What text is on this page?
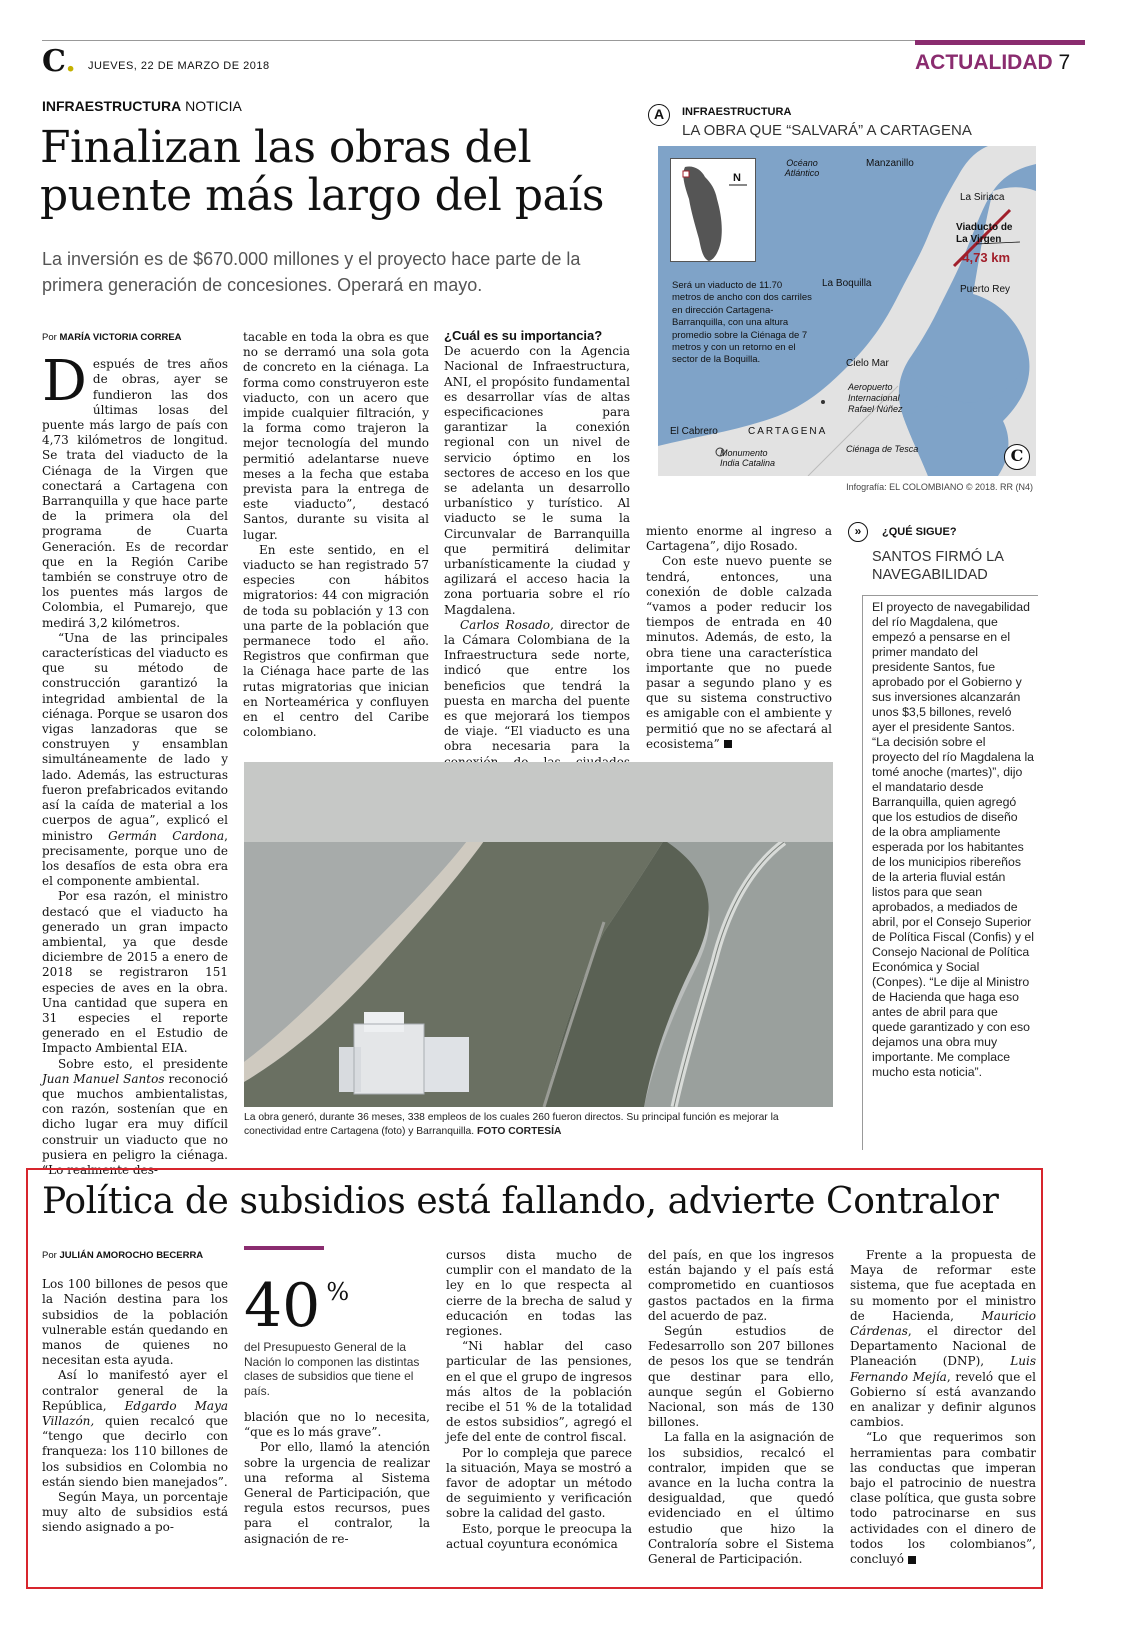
C. JUEVES, 22 DE MARZO DE 2018	ACTUALIDAD 7
INFRAESTRUCTURA NOTICIA
Finalizan las obras del puente más largo del país
La inversión es de $670.000 millones y el proyecto hace parte de la primera generación de concesiones. Operará en mayo.
Por MARÍA VICTORIA CORREA

Después de tres años de obras, ayer se fundieron las dos últimas losas del puente más largo de país con 4,73 kilómetros de longitud. Se trata del viaducto de la Ciénaga de la Virgen que conectará a Cartagena con Barranquilla y que hace parte de la primera ola del programa de Cuarta Generación. Es de recordar que en la Región Caribe también se construye otro de los puentes más largos de Colombia, el Pumarejo, que medirá 3,2 kilómetros.

“Una de las principales características del viaducto es que su método de construcción garantizó la integridad ambiental de la ciénaga. Porque se usaron dos vigas lanzadoras que se construyen y ensamblan simultáneamente de lado y lado. Además, las estructuras fueron prefabricados evitando así la caída de material a los cuerpos de agua”, explicó el ministro Germán Cardona, precisamente, porque uno de los desafíos de esta obra era el componente ambiental.

Por esa razón, el ministro destacó que el viaducto ha generado un gran impacto ambiental, ya que desde diciembre de 2015 a enero de 2018 se registraron 151 especies de aves en la obra. Una cantidad que supera en 31 especies el reporte generado en el Estudio de Impacto Ambiental EIA.

Sobre esto, el presidente Juan Manuel Santos reconoció que muchos ambientalistas, con razón, sostenían que en dicho lugar era muy difícil construir un viaducto que no pusiera en peligro la ciénaga. “Lo realmente des-

tacable en toda la obra es que no se derramó una sola gota de concreto en la ciénaga. La forma como construyeron este viaducto, con un acero que impide cualquier filtración, y la forma como trajeron la mejor tecnología del mundo permitió adelantarse nueve meses a la fecha que estaba prevista para la entrega de este viaducto”, destacó Santos, durante su visita al lugar.

En este sentido, en el viaducto se han registrado 57 especies con hábitos migratorios: 44 con migración de toda su población y 13 con una parte de la población que permanece todo el año. Registros que confirman que la Ciénaga hace parte de las rutas migratorias que inician en Norteamérica y confluyen en el centro del Caribe colombiano.

¿Cuál es su importancia?

De acuerdo con la Agencia Nacional de Infraestructura, ANI, el propósito fundamental es desarrollar vías de altas especificaciones para garantizar la conexión regional con un nivel de servicio óptimo en los sectores de acceso en los que se adelanta un desarrollo urbanístico y turístico. Al viaducto se le suma la Circunvalar de Barranquilla que permitirá delimitar urbanísticamente la ciudad y agilizará el acceso hacia la zona portuaria sobre el río Magdalena.

Carlos Rosado, director de la Cámara Colombiana de la Infraestructura sede norte, indicó que entre los beneficios que tendrá la puesta en marcha del puente es que mejorará los tiempos de viaje. “El viaducto es una obra necesaria para la

miento enorme al ingreso a Cartagena”, dijo Rosado.

Con este nuevo puente se tendrá, entonces, una conexión de doble calzada “vamos a poder reducir los tiempos de entrada en 40 minutos. Además, de esto, la obra tiene una característica importante que no puede pasar a segundo plano y es que su sistema constructivo es amigable con el ambiente y permitió que no se afectará al ecosistema”

A	INFRAESTRUCTURA
LA OBRA QUE “SALVARÁ” A CARTAGENA
N
Océano Atlántico
Manzanillo
La Siriaca
Viaducto de La Virgen
4,73 km
Puerto Rey
La Boquilla
Cielo Mar
Aeropuerto Internacional Rafael Núñez
El Cabrero	CARTAGENA
Monumento India Catalina
Ciénaga de Tesca
Será un viaducto de 11.70 metros de ancho con dos carriles en dirección Cartagena-Barranquilla, con una altura promedio sobre la Ciénaga de 7 metros y con un retorno en el sector de la Boquilla.
C
Infografía: EL COLOMBIANO © 2018. RR (N4)
»	¿QUÉ SIGUE?
SANTOS FIRMÓ LA NAVEGABILIDAD
El proyecto de navegabilidad del río Magdalena, que empezó a pensarse en el primer mandato del presidente Santos, fue aprobado por el Gobierno y sus inversiones alcanzarán unos $3,5 billones, reveló ayer el presidente Santos. “La decisión sobre el proyecto del río Magdalena la tomé anoche (martes)”, dijo el mandatario desde Barranquilla, quien agregó que los estudios de diseño de la obra ampliamente esperada por los habitantes de los municipios ribereños de la arteria fluvial están listos para que sean aprobados, a mediados de abril, por el Consejo Superior de Política Fiscal (Confis) y el Consejo Nacional de Política Económica y Social (Conpes). “Le dije al Ministro de Hacienda que haga eso antes de abril para que quede garantizado y con eso dejamos una obra muy importante. Me complace mucho esta noticia”.
La obra generó, durante 36 meses, 338 empleos de los cuales 260 fueron directos. Su principal función es mejorar la conectividad entre Cartagena (foto) y Barranquilla. FOTO CORTESÍA
Política de subsidios está fallando, advierte Contralor
Por JULIÁN AMOROCHO BECERRA

Los 100 billones de pesos que la Nación destina para los subsidios de la población vulnerable están quedando en manos de quienes no necesitan esta ayuda.

Así lo manifestó ayer el contralor general de la República, Edgardo Maya Villazón, quien recalcó que “tengo que decirlo con franqueza: los 110 billones de los subsidios en Colombia no están siendo bien manejados”.

Según Maya, un porcentaje muy alto de subsidios está siendo asignado a po-

40 %
del Presupuesto General de la Nación lo componen las distintas clases de subsidios que tiene el país.

blación que no lo necesita, “que es lo más grave”.

Por ello, llamó la atención sobre la urgencia de realizar una reforma al Sistema General de Participación, que regula estos recursos, pues para el contralor, la asignación de re-

cursos dista mucho de cumplir con el mandato de la ley en lo que respecta al cierre de la brecha de salud y educación en todas las regiones.

“Ni hablar del caso particular de las pensiones, en el que el grupo de ingresos más altos de la población recibe el 51 % de la totalidad de estos subsidios”, agregó el jefe del ente de control fiscal.

Por lo compleja que parece la situación, Maya se mostró a favor de adoptar un método de seguimiento y verificación sobre la calidad del gasto.

Esto, porque le preocupa la actual coyuntura económica

del país, en que los ingresos están bajando y el país está comprometido en cuantiosos gastos pactados en la firma del acuerdo de paz.

Según estudios de Fedesarrollo son 207 billones de pesos los que se tendrán que destinar para ello, aunque según el Gobierno Nacional, son más de 130 billones.

La falla en la asignación de los subsidios, recalcó el contralor, impiden que se avance en la lucha contra la desigualdad, que quedó evidenciado en el último estudio que hizo la Contraloría sobre el Sistema General de Participación.

Frente a la propuesta de Maya de reformar este sistema, que fue aceptada en su momento por el ministro de Hacienda, Mauricio Cárdenas, el director del Departamento Nacional de Planeación (DNP), Luis Fernando Mejía, reveló que el Gobierno sí está avanzando en analizar y definir algunos cambios.

“Lo que requerimos son herramientas para combatir las conductas que imperan bajo el patrocinio de nuestra clase política, que gusta sobre todo patrocinarse en sus actividades con el dinero de todos los colombianos”, concluyó
